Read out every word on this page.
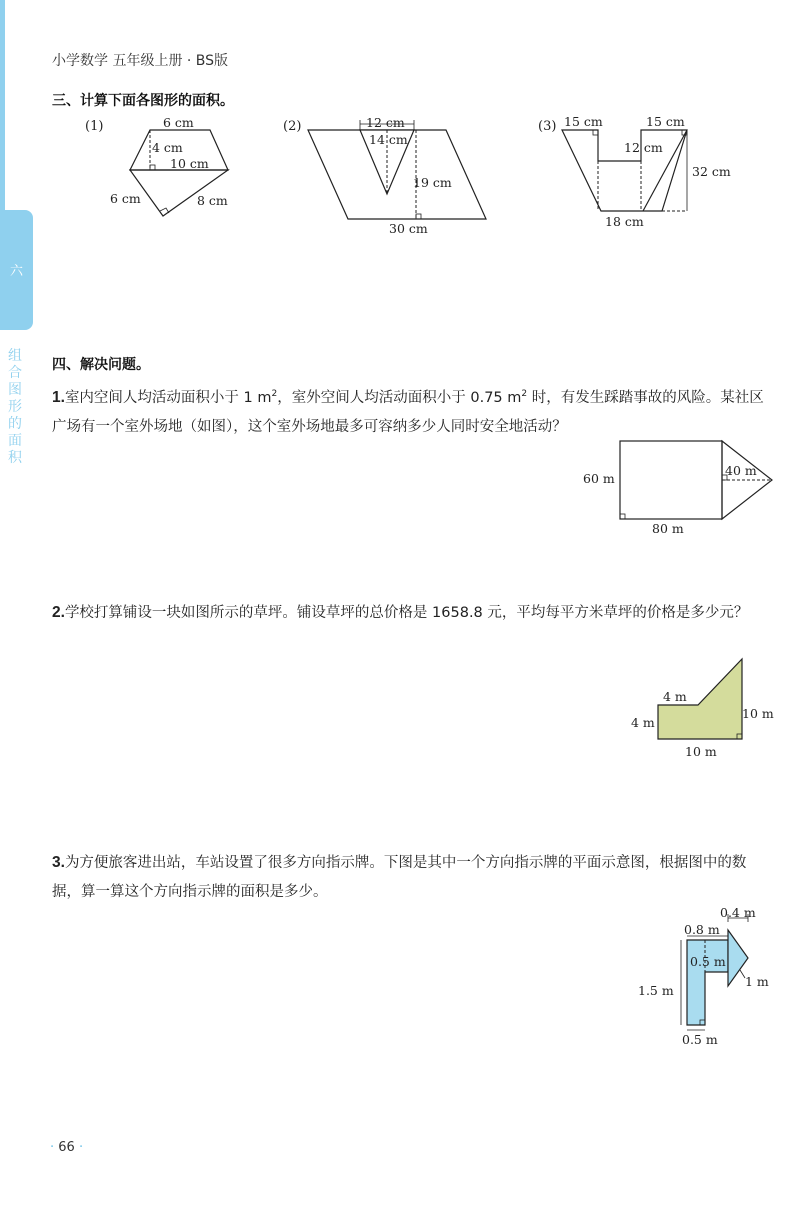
六
组合图形的面积
小学数学 五年级上册 · BS版
三、计算下面各图形的面积。
(1)	6 cm
4 cm
10 cm
6 cm	8 cm
(2)	12 cm
14 cm
19 cm
30 cm
(3) 15 cm	15 cm
12 cm
32 cm
18 cm
四、解决问题。
1.室内空间人均活动面积小于 1 $m^2$，室外空间人均活动面积小于 0.75 $m^2$ 时，有发生踩踏事故的风险。某社区广场有一个室外场地（如图），这个室外场地最多可容纳多少人同时安全地活动？
60 m
80 m
40 m
2.学校打算铺设一块如图所示的草坪。铺设草坪的总价格是 1658.8 元，平均每平方米草坪的价格是多少元？
4 m
4 m
10 m
10 m
3.为方便旅客进出站，车站设置了很多方向指示牌。下图是其中一个方向指示牌的平面示意图，根据图中的数据，算一算这个方向指示牌的面积是多少。
0.4 m
0.8 m
0.5 m
1 m
1.5 m
0.5 m
· 66 ·
